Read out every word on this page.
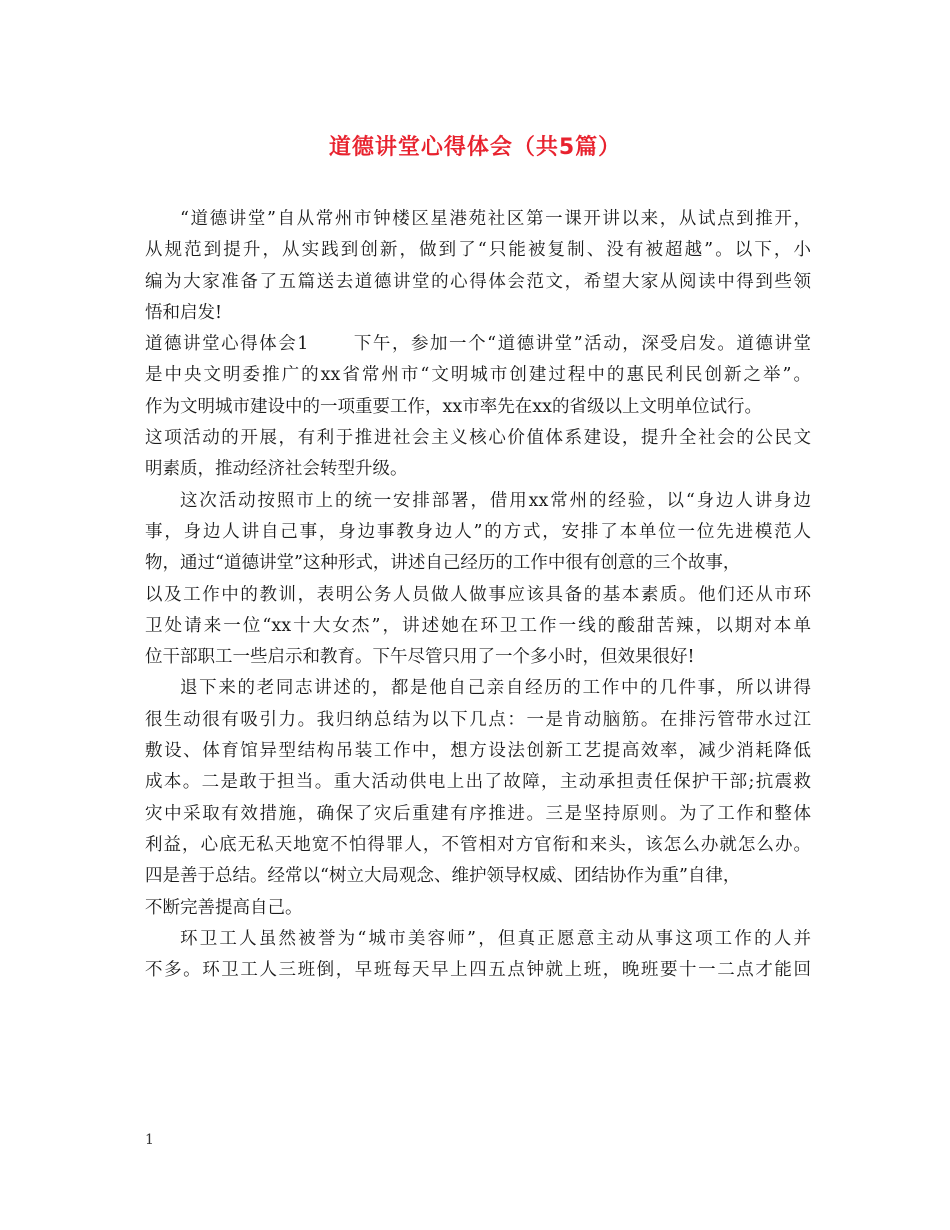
道德讲堂心得体会（共5篇）
“道德讲堂”自从常州市钟楼区星港苑社区第一课开讲以来，从试点到推开，
从规范到提升，从实践到创新，做到了“只能被复制、没有被超越”。以下，小
编为大家准备了五篇送去道德讲堂的心得体会范文，希望大家从阅读中得到些领
悟和启发!
道德讲堂心得体会1	下午，参加一个“道德讲堂”活动，深受启发。道德讲堂
是中央文明委推广的xx省常州市“文明城市创建过程中的惠民利民创新之举”。
作为文明城市建设中的一项重要工作，xx市率先在xx的省级以上文明单位试行。
这项活动的开展，有利于推进社会主义核心价值体系建设，提升全社会的公民文
明素质，推动经济社会转型升级。
这次活动按照市上的统一安排部署，借用xx常州的经验，以“身边人讲身边
事，身边人讲自己事，身边事教身边人”的方式，安排了本单位一位先进模范人
物，通过“道德讲堂”这种形式，讲述自己经历的工作中很有创意的三个故事，
以及工作中的教训，表明公务人员做人做事应该具备的基本素质。他们还从市环
卫处请来一位“xx十大女杰”，讲述她在环卫工作一线的酸甜苦辣，以期对本单
位干部职工一些启示和教育。下午尽管只用了一个多小时，但效果很好!
退下来的老同志讲述的，都是他自己亲自经历的工作中的几件事，所以讲得
很生动很有吸引力。我归纳总结为以下几点：一是肯动脑筋。在排污管带水过江
敷设、体育馆异型结构吊装工作中，想方设法创新工艺提高效率，减少消耗降低
成本。二是敢于担当。重大活动供电上出了故障，主动承担责任保护干部;抗震救
灾中采取有效措施，确保了灾后重建有序推进。三是坚持原则。为了工作和整体
利益，心底无私天地宽不怕得罪人，不管相对方官衔和来头，该怎么办就怎么办。
四是善于总结。经常以“树立大局观念、维护领导权威、团结协作为重”自律，
不断完善提高自己。
环卫工人虽然被誉为“城市美容师”，但真正愿意主动从事这项工作的人并
不多。环卫工人三班倒，早班每天早上四五点钟就上班，晚班要十一二点才能回
1
